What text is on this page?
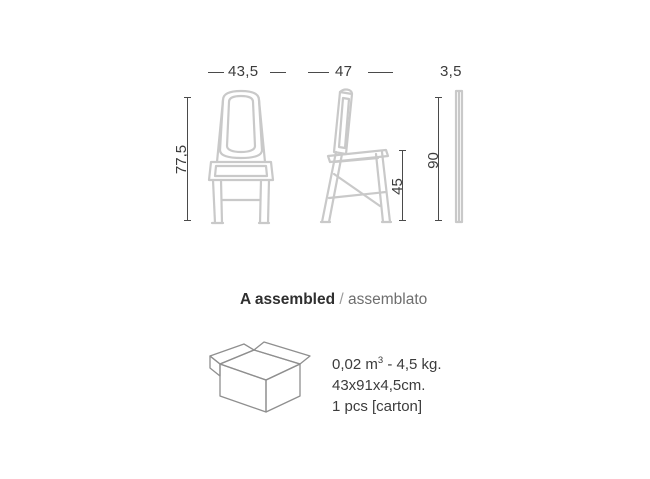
43,5	47	3,5
77,5
45
90
A assembled / assemblato
0,02 $m^3 - 4,5$ kg.
43x91x4,5cm.
1 pcs [carton]
